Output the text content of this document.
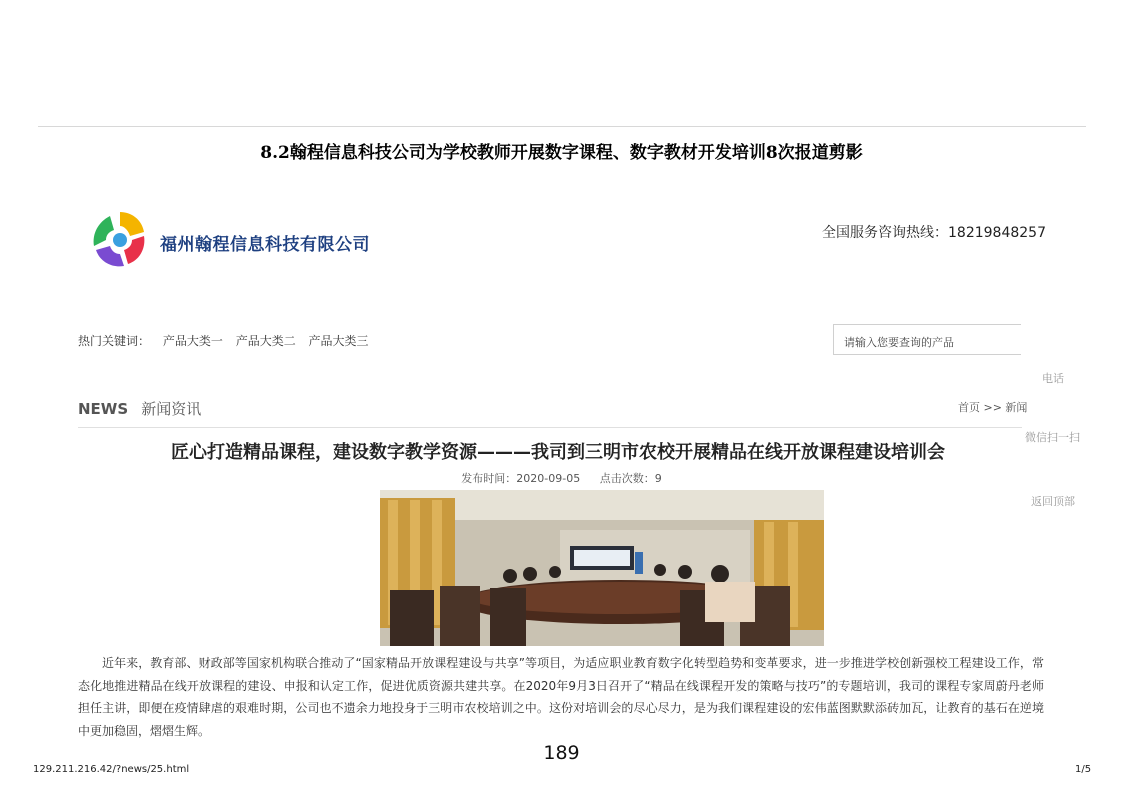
8.2翰程信息科技公司为学校教师开展数字课程、数字教材开发培训8次报道剪影
福州翰程信息科技有限公司
全国服务咨询热线：18219848257
热门关键词： 产品大类一 产品大类二 产品大类三	请输入您要查询的产品
电话
微信扫一扫
返回顶部
NEWS 新闻资讯	首页 >> 新闻
匠心打造精品课程，建设数字教学资源———我司到三明市农校开展精品在线开放课程建设培训会
发布时间：2020-09-05 点击次数：9
近年来，教育部、财政部等国家机构联合推动了“国家精品开放课程建设与共享”等项目，为适应职业教育数字化转型趋势和变革要求，进一步推进学校创新强校工程建设工作，常态化地推进精品在线开放课程的建设、申报和认定工作，促进优质资源共建共享。在2020年9月3日召开了“精品在线课程开发的策略与技巧”的专题培训，我司的课程专家周蔚丹老师担任主讲，即便在疫情肆虐的艰难时期，公司也不遗余力地投身于三明市农校培训之中。这份对培训会的尽心尽力，是为我们课程建设的宏伟蓝图默默添砖加瓦，让教育的基石在逆境中更加稳固，熠熠生辉。
189
129.211.216.42/?news/25.html	1/5
